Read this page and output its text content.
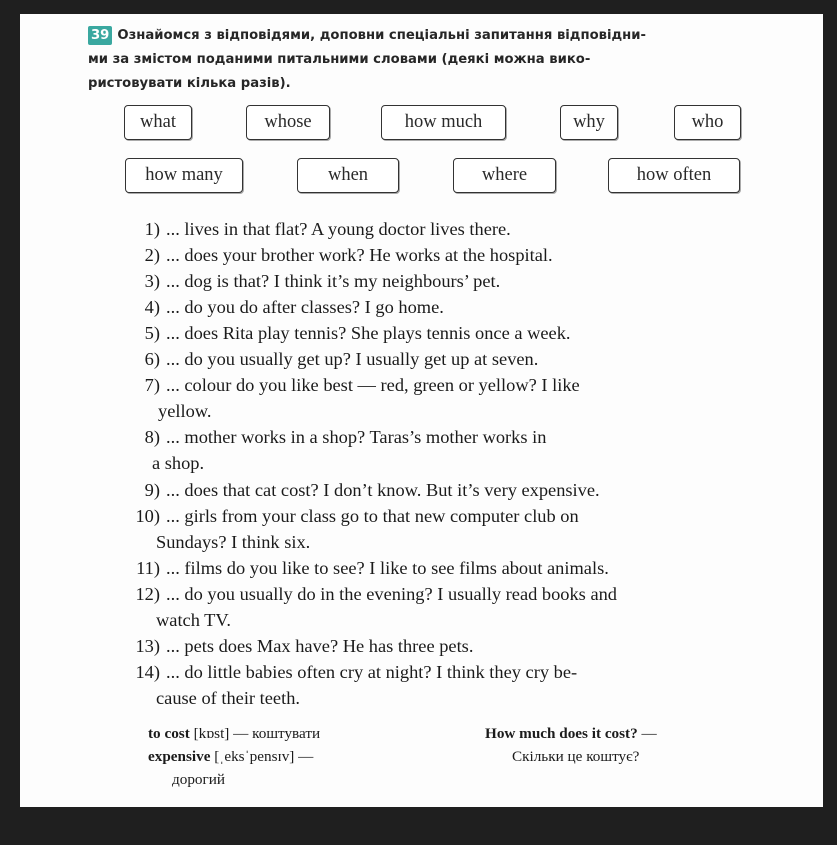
39 Ознайомся з відповідями, доповни спеціальні запитання відповідни-
ми за змістом поданими питальними словами (деякі можна вико-
ристовувати кілька разів).
what	whose	how much	why	who
how many	when	where	how often
1) ... lives in that flat? A young doctor lives there.
2) ... does your brother work? He works at the hospital.
3) ... dog is that? I think it’s my neighbours’ pet.
4) ... do you do after classes? I go home.
5) ... does Rita play tennis? She plays tennis once a week.
6) ... do you usually get up? I usually get up at seven.
7) ... colour do you like best — red, green or yellow? I like
yellow.
8) ... mother works in a shop? Taras’s mother works in
a shop.
9) ... does that cat cost? I don’t know. But it’s very expensive.
10) ... girls from your class go to that new computer club on
Sundays? I think six.
11) ... films do you like to see? I like to see films about animals.
12) ... do you usually do in the evening? I usually read books and
watch TV.
13) ... pets does Max have? He has three pets.
14) ... do little babies often cry at night? I think they cry be-
cause of their teeth.
to cost [kɒst] — коштувати
expensive [ˌeksˈpensɪv] —
дорогий
How much does it cost? —
Скільки це коштує?
